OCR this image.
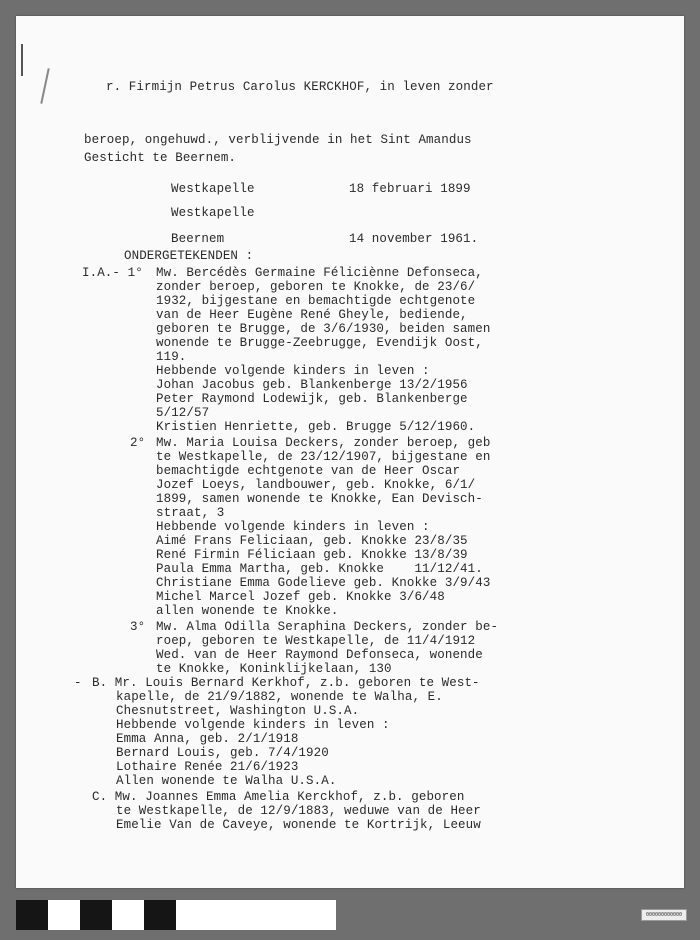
r. Firmijn Petrus Carolus KERCKHOF, in leven zonder
beroep, ongehuwd., verblijvende in het Sint Amandus
Gesticht te Beernem.
Westkapelle	18 februari 1899
Westkapelle
Beernem	14 november 1961.
ONDERGETEKENDEN :
I.A.- 1° Mw. Bercédès Germaine Féliciènne Defonseca,
zonder beroep, geboren te Knokke, de 23/6/
1932, bijgestane en bemachtigde echtgenote
van de Heer Eugène René Gheyle, bediende,
geboren te Brugge, de 3/6/1930, beiden samen
wonende te Brugge-Zeebrugge, Evendijk Oost,
119.
Hebbende volgende kinders in leven :
Johan Jacobus geb. Blankenberge 13/2/1956
Peter Raymond Lodewijk, geb. Blankenberge
5/12/57
Kristien Henriette, geb. Brugge 5/12/1960.
2° Mw. Maria Louisa Deckers, zonder beroep, geb
te Westkapelle, de 23/12/1907, bijgestane en
bemachtigde echtgenote van de Heer Oscar
Jozef Loeys, landbouwer, geb. Knokke, 6/1/
1899, samen wonende te Knokke, Ean Devisch-
straat, 3
Hebbende volgende kinders in leven :
Aimé Frans Feliciaan, geb. Knokke 23/8/35
René Firmin Féliciaan geb. Knokke 13/8/39
Paula Emma Martha, geb. Knokke    11/12/41.
Christiane Emma Godelieve geb. Knokke 3/9/43
Michel Marcel Jozef geb. Knokke 3/6/48
allen wonende te Knokke.
3° Mw. Alma Odilla Seraphina Deckers, zonder be-
roep, geboren te Westkapelle, de 11/4/1912
Wed. van de Heer Raymond Defonseca, wonende
te Knokke, Koninklijkelaan, 130
- B. Mr. Louis Bernard Kerkhof, z.b. geboren te West-
kapelle, de 21/9/1882, wonende te Walha, E.
Chesnutstreet, Washington U.S.A.
Hebbende volgende kinders in leven :
Emma Anna, geb. 2/1/1918
Bernard Louis, geb. 7/4/1920
Lothaire Renée 21/6/1923
Allen wonende te Walha U.S.A.
C. Mw. Joannes Emma Amelia Kerckhof, z.b. geboren
te Westkapelle, de 12/9/1883, weduwe van de Heer
Emelie Van de Caveye, wonende te Kortrijk, Leeuw
000000000000
